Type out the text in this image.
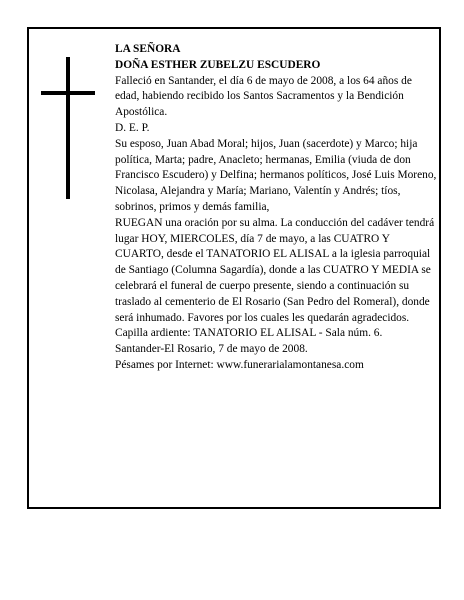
LA SEÑORA

DOÑA ESTHER ZUBELZU ESCUDERO

Falleció en Santander, el día 6 de mayo de 2008, a los 64 años de edad, habiendo recibido los Santos Sacramentos y la Bendición Apostólica.

D. E. P.

Su esposo, Juan Abad Moral; hijos, Juan (sacerdote) y Marco; hija política, Marta; padre, Anacleto; hermanas, Emilia (viuda de don Francisco Escudero) y Delfina; hermanos políticos, José Luis Moreno, Nicolasa, Alejandra y María; Mariano, Valentín y Andrés; tíos, sobrinos, primos y demás familia,

RUEGAN una oración por su alma. La conducción del cadáver tendrá lugar HOY, MIERCOLES, día 7 de mayo, a las CUATRO Y CUARTO, desde el TANATORIO EL ALISAL a la iglesia parroquial de Santiago (Columna Sagardía), donde a las CUATRO Y MEDIA se celebrará el funeral de cuerpo presente, siendo a continuación su traslado al cementerio de El Rosario (San Pedro del Romeral), donde será inhumado. Favores por los cuales les quedarán agradecidos. Capilla ardiente: TANATORIO EL ALISAL - Sala núm. 6.

Santander-El Rosario, 7 de mayo de 2008.

Pésames por Internet: www.funerarialamontanesa.com
